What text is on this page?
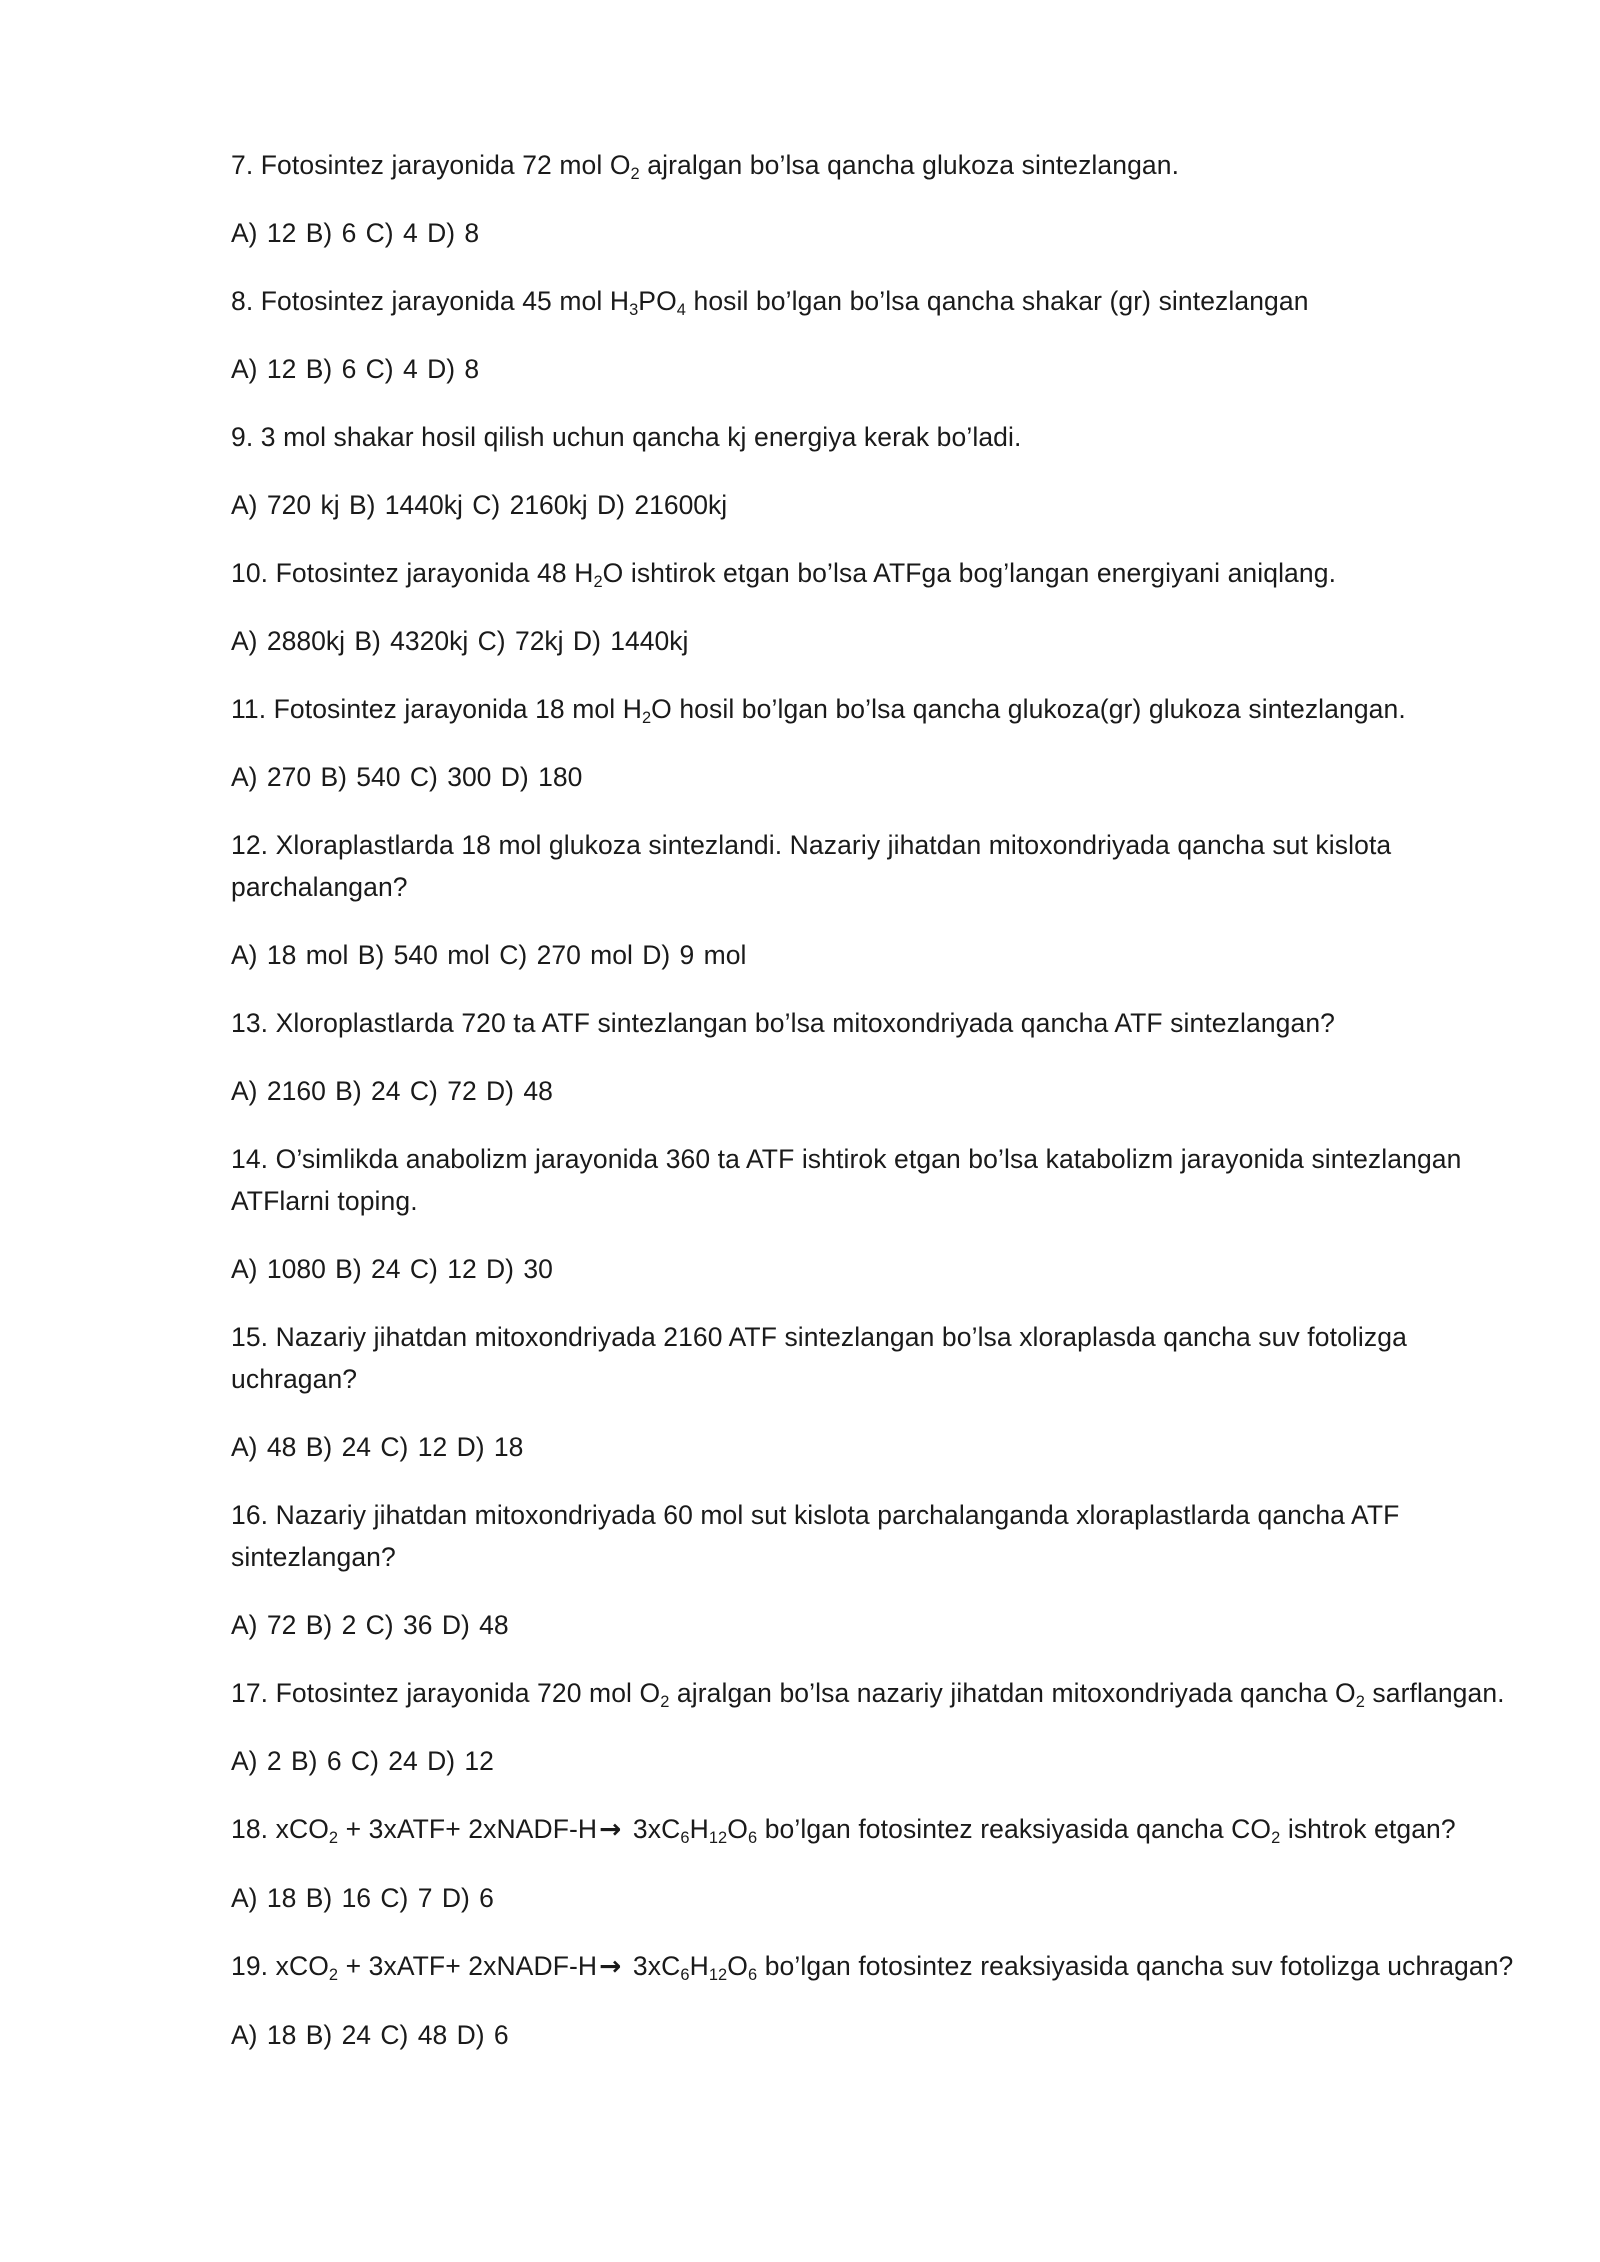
7. Fotosintez jarayonida 72 mol $O_2$ ajralgan bo’lsa qancha glukoza sintezlangan.

A) 12 B) 6 C) 4 D) 8

8. Fotosintez jarayonida 45 mol $H_3PO_4$ hosil bo’lgan bo’lsa qancha shakar (gr) sintezlangan

A) 12 B) 6 C) 4 D) 8

9. 3 mol shakar hosil qilish uchun qancha kj energiya kerak bo’ladi.

A) 720 kj B) 1440kj C) 2160kj D) 21600kj

10. Fotosintez jarayonida 48 $H_2O$ ishtirok etgan bo’lsa ATFga bog’langan energiyani aniqlang.

A) 2880kj B) 4320kj C) 72kj D) 1440kj

11. Fotosintez jarayonida 18 mol $H_2O$ hosil bo’lgan bo’lsa qancha glukoza(gr) glukoza sintezlangan.

A) 270 B) 540 C) 300 D) 180

12. Xloraplastlarda 18 mol glukoza sintezlandi. Nazariy jihatdan mitoxondriyada qancha sut kislota parchalangan?

A) 18 mol B) 540 mol C) 270 mol D) 9 mol

13. Xloroplastlarda 720 ta ATF sintezlangan bo’lsa mitoxondriyada qancha ATF sintezlangan?

A) 2160 B) 24 C) 72 D) 48

14. O’simlikda anabolizm jarayonida 360 ta ATF ishtirok etgan bo’lsa katabolizm jarayonida sintezlangan ATFlarni toping.

A) 1080 B) 24 C) 12 D) 30

15. Nazariy jihatdan mitoxondriyada 2160 ATF sintezlangan bo’lsa xloraplasda qancha suv fotolizga uchragan?

A) 48 B) 24 C) 12 D) 18

16. Nazariy jihatdan mitoxondriyada 60 mol sut kislota parchalanganda xloraplastlarda qancha ATF sintezlangan?

A) 72 B) 2 C) 36 D) 48

17. Fotosintez jarayonida 720 mol $O_2$ ajralgan bo’lsa nazariy jihatdan mitoxondriyada qancha $O_2$ sarflangan.

A) 2 B) 6 C) 24 D) 12

18. xCO$_2$ + 3xATF+ 2xNADF-H→ $3xC_6H_{12}O_6$ bo’lgan fotosintez reaksiyasida qancha $CO_2$ ishtrok etgan?

A) 18 B) 16 C) 7 D) 6

19. xCO$_2$ + 3xATF+ 2xNADF-H→ $3xC_6H_{12}O_6$ bo’lgan fotosintez reaksiyasida qancha suv fotolizga uchragan?

A) 18 B) 24 C) 48 D) 6
